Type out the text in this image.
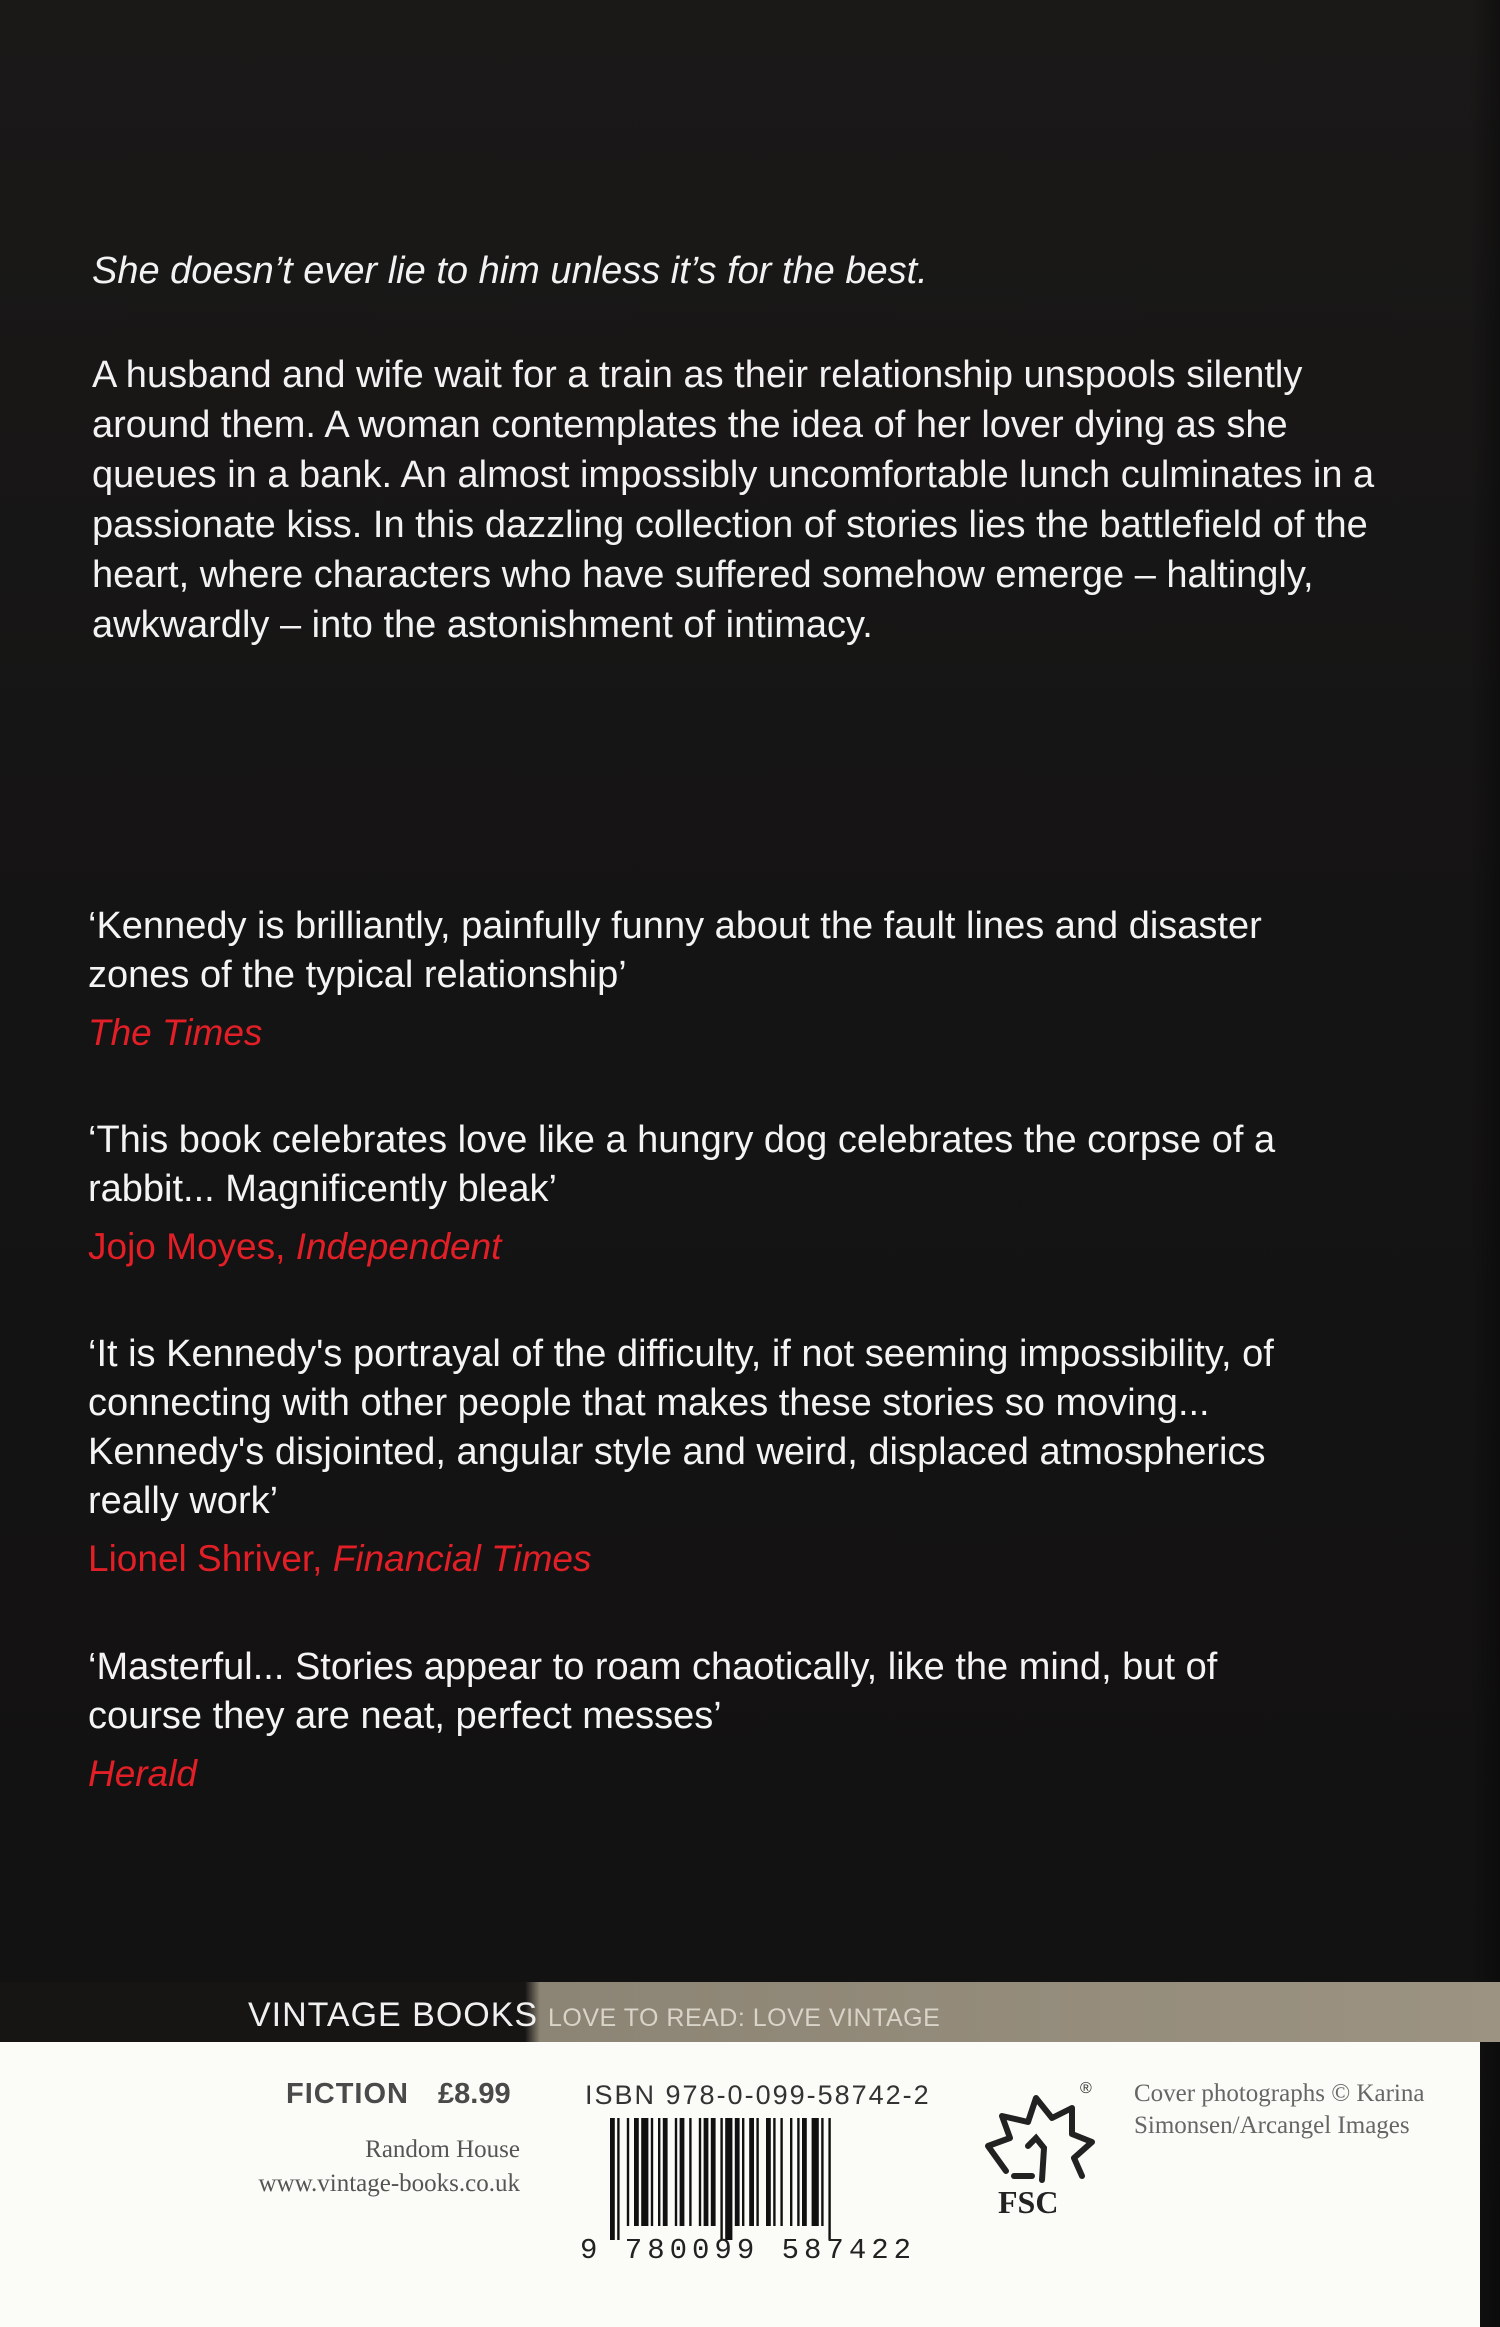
She doesn’t ever lie to him unless it’s for the best.
A husband and wife wait for a train as their relationship unspools silently around them. A woman contemplates the idea of her lover dying as she queues in a bank. An almost impossibly uncomfortable lunch culminates in a passionate kiss. In this dazzling collection of stories lies the battlefield of the heart, where characters who have suffered somehow emerge – haltingly, awkwardly – into the astonishment of intimacy.
‘Kennedy is brilliantly, painfully funny about the fault lines and disaster zones of the typical relationship’
The Times
‘This book celebrates love like a hungry dog celebrates the corpse of a rabbit... Magnificently bleak’
Jojo Moyes, Independent
‘It is Kennedy's portrayal of the difficulty, if not seeming impossibility, of connecting with other people that makes these stories so moving... Kennedy's disjointed, angular style and weird, displaced atmospherics really work’
Lionel Shriver, Financial Times
‘Masterful... Stories appear to roam chaotically, like the mind, but of course they are neat, perfect messes’
Herald
VINTAGE BOOKS LOVE TO READ: LOVE VINTAGE
FICTION £8.99
Random House
www.vintage-books.co.uk
ISBN 978-0-099-58742-2
9 780099 587422
®
FSC
Cover photographs © Karina Simonsen/Arcangel Images
